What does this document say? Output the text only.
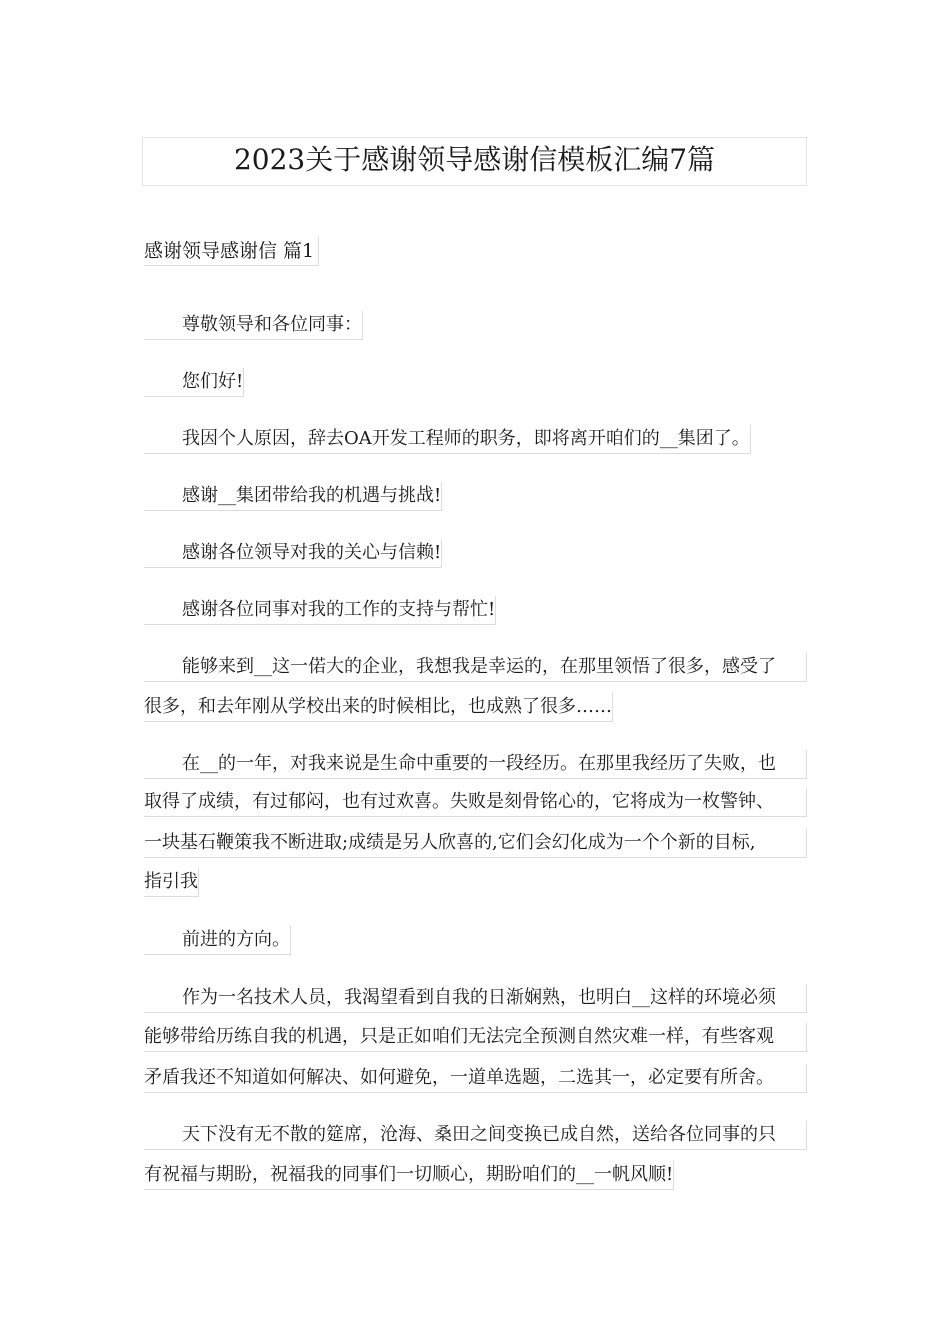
2023关于感谢领导感谢信模板汇编7篇
感谢领导感谢信 篇1
尊敬领导和各位同事：
您们好!
我因个人原因，辞去OA开发工程师的职务，即将离开咱们的__集团了。
感谢__集团带给我的机遇与挑战!
感谢各位领导对我的关心与信赖!
感谢各位同事对我的工作的支持与帮忙!
能够来到__这一偌大的企业，我想我是幸运的，在那里领悟了很多，感受了
很多，和去年刚从学校出来的时候相比，也成熟了很多……
在__的一年，对我来说是生命中重要的一段经历。在那里我经历了失败，也
取得了成绩，有过郁闷，也有过欢喜。失败是刻骨铭心的，它将成为一枚警钟、
一块基石鞭策我不断进取;成绩是另人欣喜的,它们会幻化成为一个个新的目标,
指引我
前进的方向。
作为一名技术人员，我渴望看到自我的日渐娴熟，也明白__这样的环境必须
能够带给历练自我的机遇，只是正如咱们无法完全预测自然灾难一样，有些客观
矛盾我还不知道如何解决、如何避免，一道单选题，二选其一，必定要有所舍。
天下没有无不散的筵席，沧海、桑田之间变换已成自然，送给各位同事的只
有祝福与期盼，祝福我的同事们一切顺心，期盼咱们的__一帆风顺!
